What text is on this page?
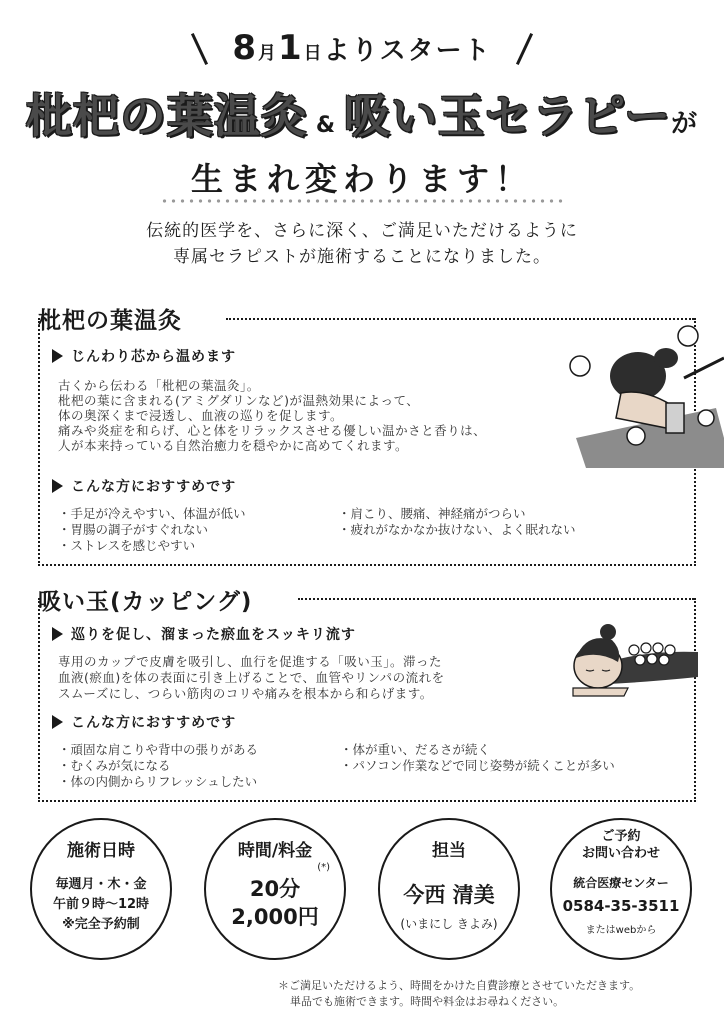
8月1日よりスタート
枇杷の葉温灸 & 吸い玉セラピーが
生まれ変わります！
伝統的医学を、さらに深く、ご満足いただけるように
専属セラピストが施術することになりました。
枇杷の葉温灸
じんわり芯から温めます
古くから伝わる「枇杷の葉温灸」。
枇杷の葉に含まれる(アミグダリンなど)が温熱効果によって、
体の奥深くまで浸透し、血液の巡りを促します。
痛みや炎症を和らげ、心と体をリラックスさせる優しい温かさと香りは、
人が本来持っている自然治癒力を穏やかに高めてくれます。
こんな方におすすめです
・手足が冷えやすい、体温が低い
・胃腸の調子がすぐれない
・ストレスを感じやすい
・肩こり、腰痛、神経痛がつらい
・疲れがなかなか抜けない、よく眠れない
吸い玉(カッピング)
巡りを促し、溜まった瘀血をスッキリ流す
専用のカップで皮膚を吸引し、血行を促進する「吸い玉」。滞った
血液(瘀血)を体の表面に引き上げることで、血管やリンパの流れを
スムーズにし、つらい筋肉のコリや痛みを根本から和らげます。
こんな方におすすめです
・頑固な肩こりや背中の張りがある
・むくみが気になる
・体の内側からリフレッシュしたい
・体が重い、だるさが続く
・パソコン作業などで同じ姿勢が続くことが多い
施術日時
毎週月・木・金
午前９時〜12時
※完全予約制
時間/料金
(*)
20分
2,000円
担当
今西 清美
(いまにし きよみ)
ご予約
お問い合わせ
統合医療センター
0584-35-3511
またはwebから
＊ご満足いただけるよう、時間をかけた自費診療とさせていただきます。
単品でも施術できます。時間や料金はお尋ねください。
